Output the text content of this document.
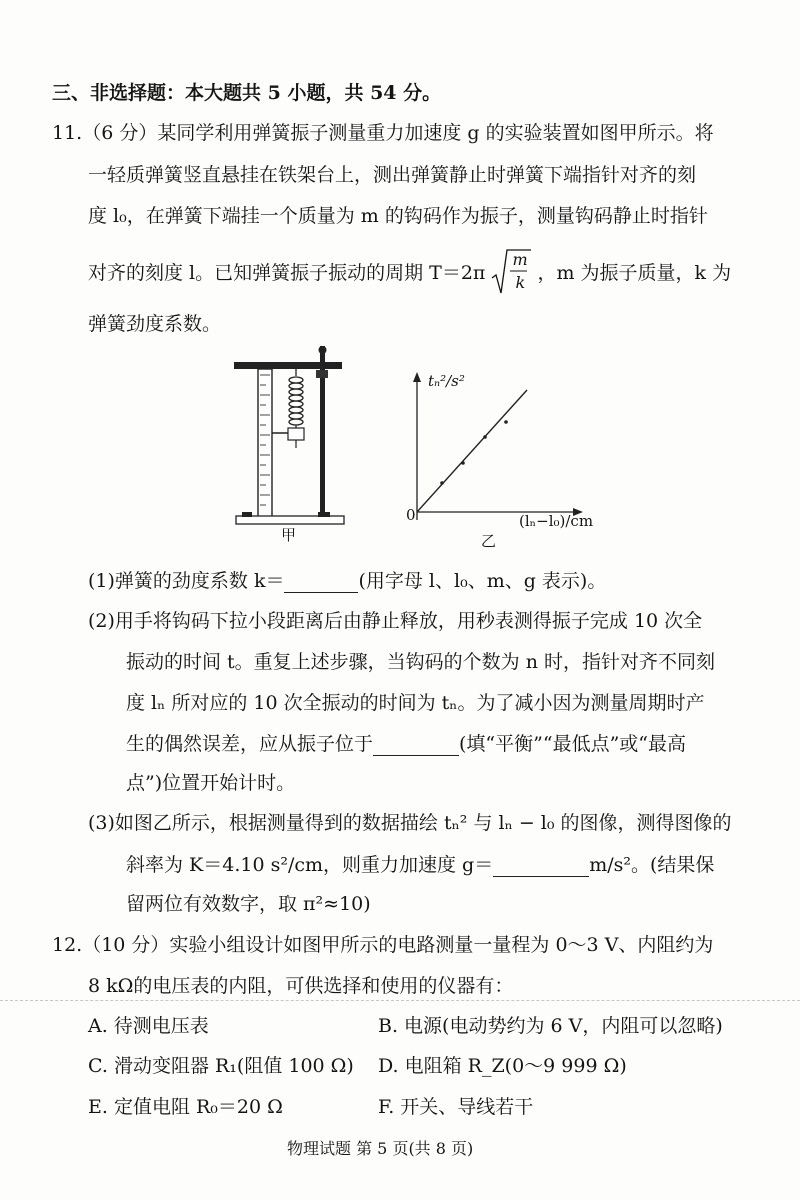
三、非选择题：本大题共 5 小题，共 54 分。
11.（6 分）某同学利用弹簧振子测量重力加速度 g 的实验装置如图甲所示。将
一轻质弹簧竖直悬挂在铁架台上，测出弹簧静止时弹簧下端指针对齐的刻
度 l₀，在弹簧下端挂一个质量为 m 的钩码作为振子，测量钩码静止时指针
对齐的刻度 l。已知弹簧振子振动的周期 T＝2π
m
k ，m 为振子质量，k 为
弹簧劲度系数。
甲
tₙ²/s²
0	(lₙ−l₀)/cm
乙
(1)弹簧的劲度系数 k＝	(用字母 l、l₀、m、g 表示)。
(2)用手将钩码下拉小段距离后由静止释放，用秒表测得振子完成 10 次全
振动的时间 t。重复上述步骤，当钩码的个数为 n 时，指针对齐不同刻
度 lₙ 所对应的 10 次全振动的时间为 tₙ。为了减小因为测量周期时产
生的偶然误差，应从振子位于	(填“平衡”“最低点”或“最高
点”)位置开始计时。
(3)如图乙所示，根据测量得到的数据描绘 tₙ² 与 lₙ − l₀ 的图像，测得图像的
斜率为 K＝4.10 s²/cm，则重力加速度 g＝	m/s²。(结果保
留两位有效数字，取 π²≈10)
12.（10 分）实验小组设计如图甲所示的电路测量一量程为 0～3 V、内阻约为
8 kΩ的电压表的内阻，可供选择和使用的仪器有：
A. 待测电压表	B. 电源(电动势约为 6 V，内阻可以忽略)
C. 滑动变阻器 R₁(阻值 100 Ω) D. 电阻箱 R_Z(0～9 999 Ω)
E. 定值电阻 R₀＝20 Ω	F. 开关、导线若干
物理试题 第 5 页(共 8 页)
